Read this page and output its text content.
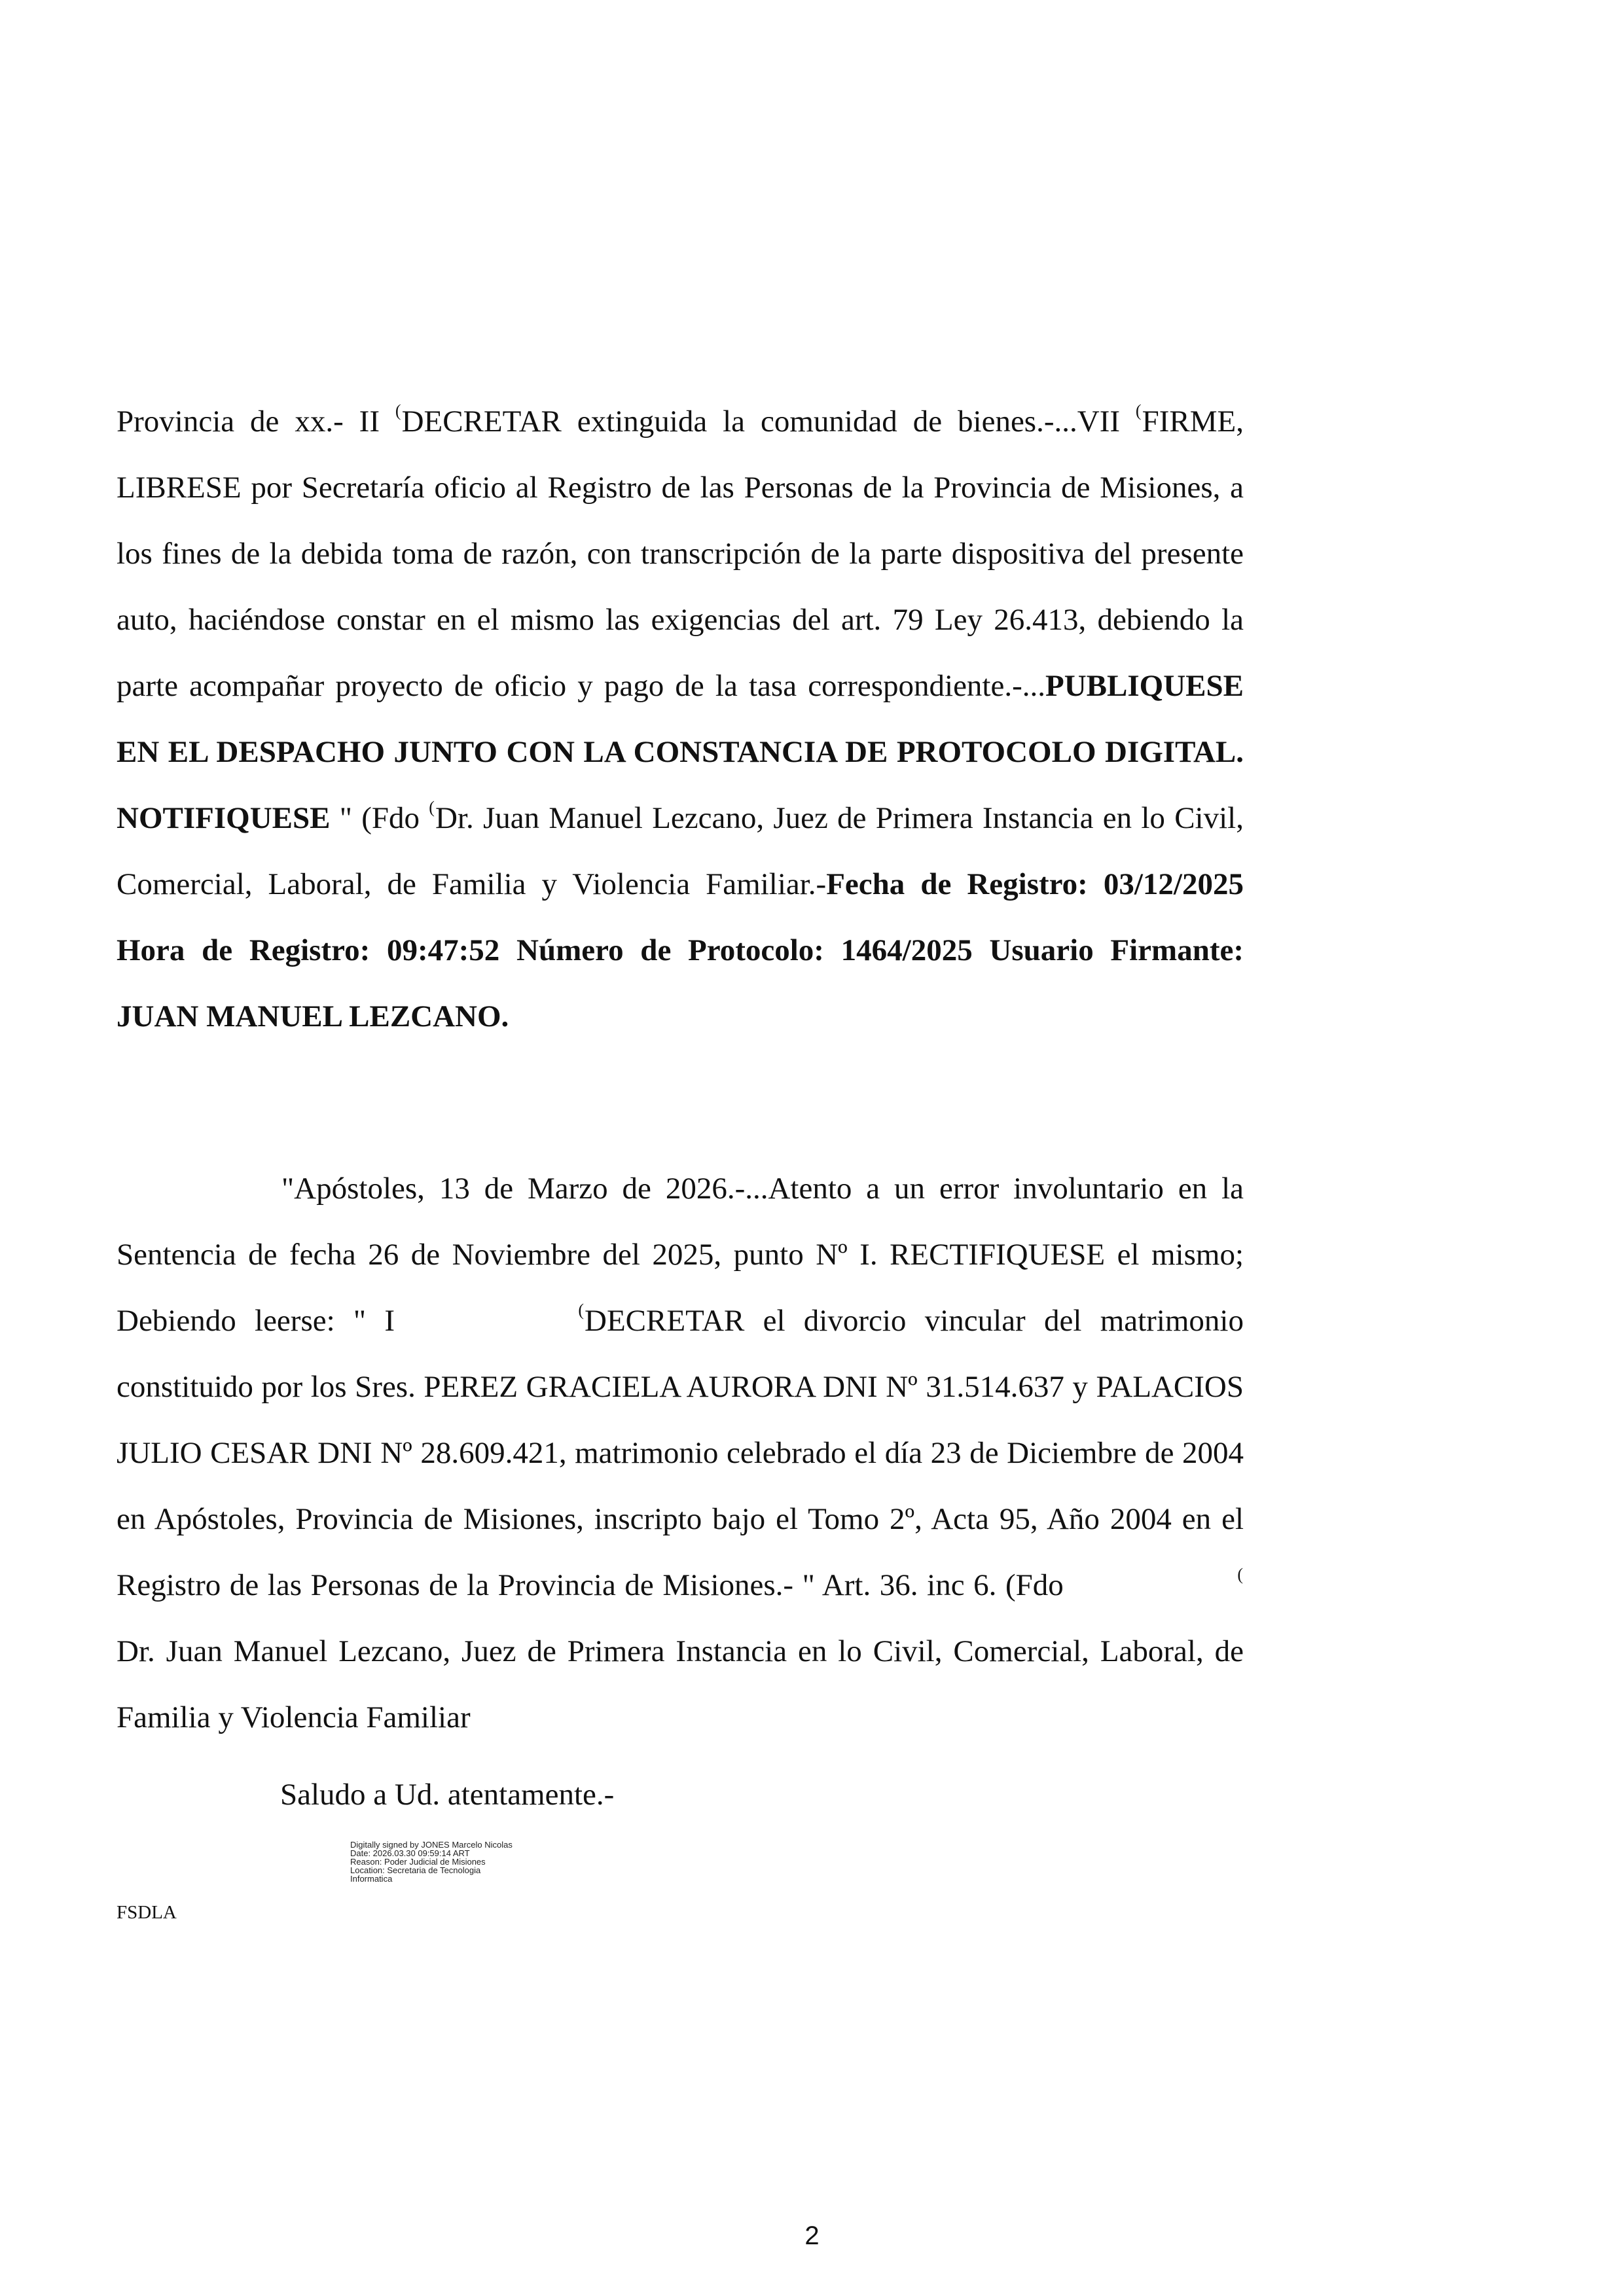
Provincia de xx.- II (DECRETAR extinguida la comunidad de bienes.-...VII (FIRME, LIBRESE por Secretaría oficio al Registro de las Personas de la Provincia de Misiones, a los fines de la debida toma de razón, con transcripción de la parte dispositiva del presente auto, haciéndose constar en el mismo las exigencias del art. 79 Ley 26.413, debiendo la parte acompañar proyecto de oficio y pago de la tasa correspondiente.-...PUBLIQUESE EN EL DESPACHO JUNTO CON LA CONSTANCIA DE PROTOCOLO DIGITAL. NOTIFIQUESE " (Fdo (Dr. Juan Manuel Lezcano, Juez de Primera Instancia en lo Civil, Comercial, Laboral, de Familia y Violencia Familiar.-Fecha de Registro: 03/12/2025 Hora de Registro: 09:47:52 Número de Protocolo: 1464/2025 Usuario Firmante: JUAN MANUEL LEZCANO.

"Apóstoles, 13 de Marzo de 2026.-...Atento a un error involuntario en la Sentencia de fecha 26 de Noviembre del 2025, punto Nº I. RECTIFIQUESE el mismo; Debiendo leerse: " I	(DECRETAR el divorcio vincular del matrimonio constituido por los Sres. PEREZ GRACIELA AURORA DNI Nº 31.514.637 y PALACIOS JULIO CESAR DNI Nº 28.609.421, matrimonio celebrado el día 23 de Diciembre de 2004 en Apóstoles, Provincia de Misiones, inscripto bajo el Tomo 2º, Acta 95, Año 2004 en el Registro de las Personas de la Provincia de Misiones.- " Art. 36. inc 6. (Fdo	(Dr. Juan Manuel Lezcano, Juez de Primera Instancia en lo Civil, Comercial, Laboral, de Familia y Violencia Familiar

Saludo a Ud. atentamente.-

Digitally signed by JONES Marcelo Nicolas
Date: 2026.03.30 09:59:14 ART
Reason: Poder Judicial de Misiones
Location: Secretaria de Tecnologia
Informatica

FSDLA

2
